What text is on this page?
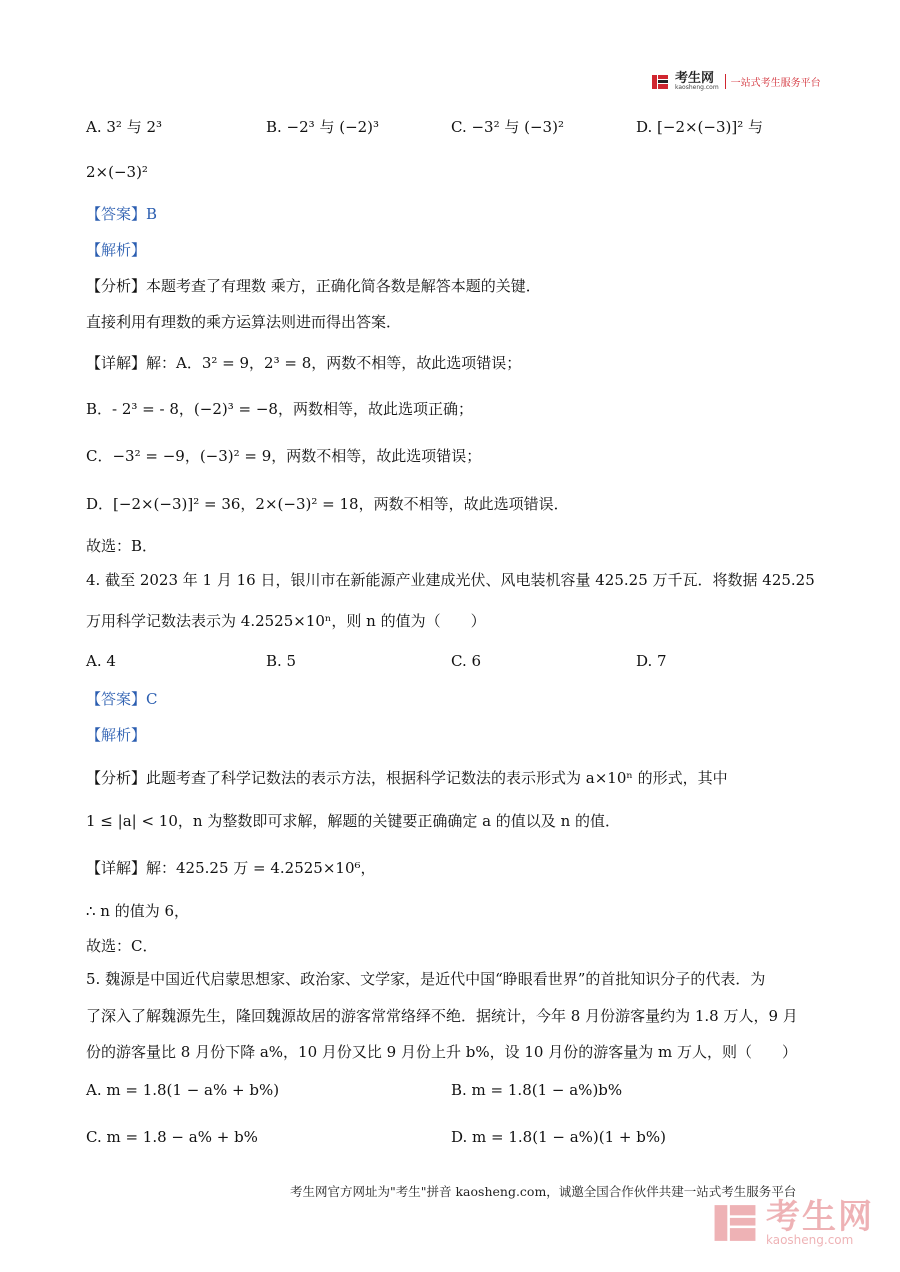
考生网
kaosheng.com	一站式考生服务平台
A. 3² 与 2³	B. −2³ 与 (−2)³	C. −3² 与 (−3)²	D. [−2×(−3)]² 与
2×(−3)²
【答案】B
【解析】
【分析】本题考查了有理数 乘方，正确化简各数是解答本题的关键．
直接利用有理数的乘方运算法则进而得出答案．
【详解】解：A．3² = 9，2³ = 8，两数不相等，故此选项错误；
B．- 2³ = - 8，(−2)³ = −8，两数相等，故此选项正确；
C．−3² = −9，(−3)² = 9，两数不相等，故此选项错误；
D．[−2×(−3)]² = 36，2×(−3)² = 18，两数不相等，故此选项错误．
故选：B．
4. 截至 2023 年 1 月 16 日，银川市在新能源产业建成光伏、风电装机容量 425.25 万千瓦．将数据 425.25
万用科学记数法表示为 4.2525×10ⁿ，则 n 的值为（　　）
A. 4	B. 5	C. 6	D. 7
【答案】C
【解析】
【分析】此题考查了科学记数法的表示方法，根据科学记数法的表示形式为 a×10ⁿ 的形式，其中
1 ≤ |a| < 10，n 为整数即可求解，解题的关键要正确确定 a 的值以及 n 的值．
【详解】解：425.25 万 = 4.2525×10⁶，
∴ n 的值为 6，
故选：C．
5. 魏源是中国近代启蒙思想家、政治家、文学家，是近代中国“睁眼看世界”的首批知识分子的代表．为
了深入了解魏源先生，隆回魏源故居的游客常常络绎不绝．据统计，今年 8 月份游客量约为 1.8 万人，9 月
份的游客量比 8 月份下降 a%，10 月份又比 9 月份上升 b%，设 10 月份的游客量为 m 万人，则（　　）
A. m = 1.8(1 − a% + b%)	B. m = 1.8(1 − a%)b%
C. m = 1.8 − a% + b%	D. m = 1.8(1 − a%)(1 + b%)
考生网官方网址为"考生"拼音 kaosheng.com，诚邀全国合作伙伴共建一站式考生服务平台
考生网
kaosheng.com
